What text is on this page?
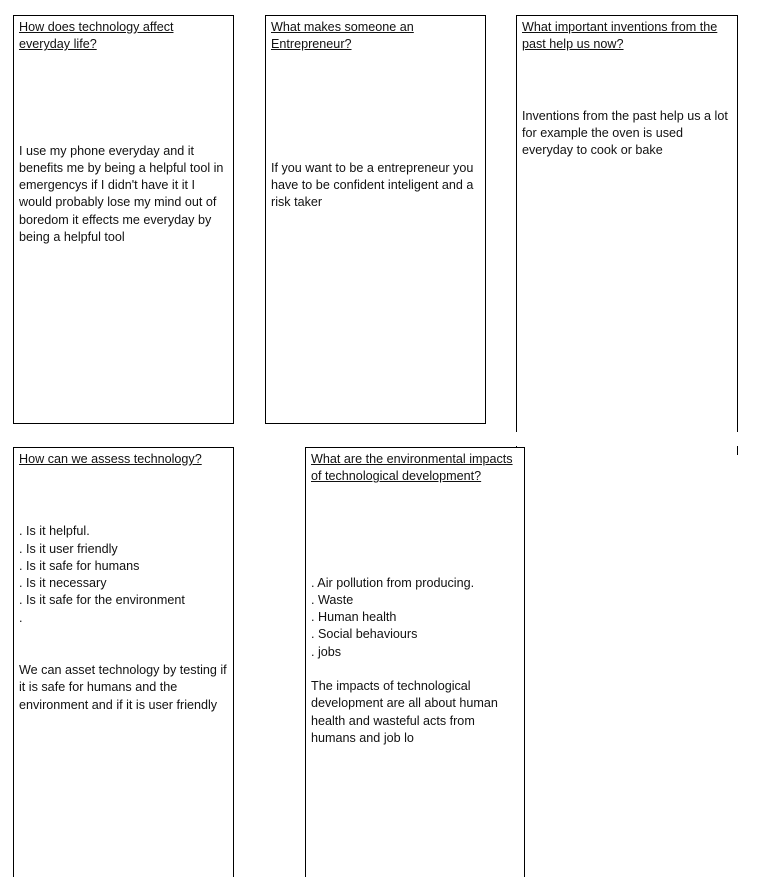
How does technology affect everyday life?

I use my phone everyday and it benefits me by being a helpful tool in emergencys if I didn't have it it I would probably lose my mind out of boredom it effects me everyday by being a helpful tool

What makes someone an Entrepreneur?

If you want to be a entrepreneur you have to be confident inteligent and a risk taker

What important inventions from the past help us now?

Inventions from the past help us a lot for example the oven is used everyday to cook or bake

How can we assess technology?

. Is it helpful.
. Is it user friendly
. Is it safe for humans
. Is it necessary
. Is it safe for the environment
.

We can asset technology by testing if it is safe for humans and the environment and if it is user friendly

What are the environmental impacts of technological development?

. Air pollution from producing.
. Waste
. Human health
. Social behaviours
. jobs

The impacts of technological development are all about human health and wasteful acts from humans and job lo
